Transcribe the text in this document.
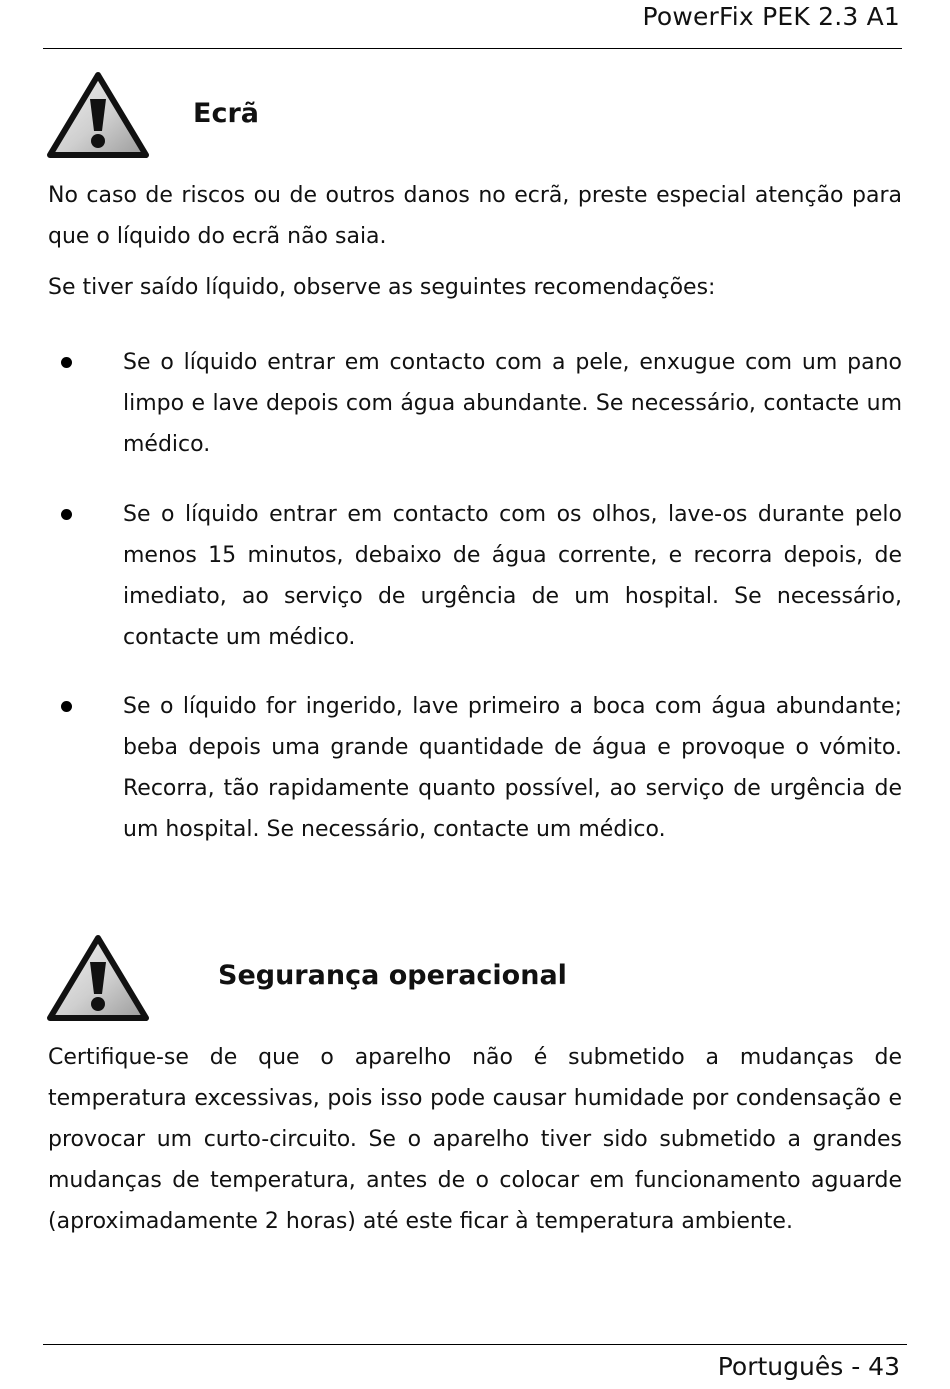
PowerFix PEK 2.3 A1
Ecrã

No caso de riscos ou de outros danos no ecrã, preste especial atenção para que o líquido do ecrã não saia.

Se tiver saído líquido, observe as seguintes recomendações:

Se o líquido entrar em contacto com a pele, enxugue com um pano limpo e lave depois com água abundante. Se necessário, contacte um médico.

Se o líquido entrar em contacto com os olhos, lave-os durante pelo menos 15 minutos, debaixo de água corrente, e recorra depois, de imediato, ao serviço de urgência de um hospital. Se necessário, contacte um médico.

Se o líquido for ingerido, lave primeiro a boca com água abundante; beba depois uma grande quantidade de água e provoque o vómito. Recorra, tão rapidamente quanto possível, ao serviço de urgência de um hospital. Se necessário, contacte um médico.

Segurança operacional

Certifique-se de que o aparelho não é submetido a mudanças de temperatura excessivas, pois isso pode causar humidade por condensação e provocar um curto-circuito. Se o aparelho tiver sido submetido a grandes mudanças de temperatura, antes de o colocar em funcionamento aguarde (aproximadamente 2 horas) até este ficar à temperatura ambiente.

Português - 43
